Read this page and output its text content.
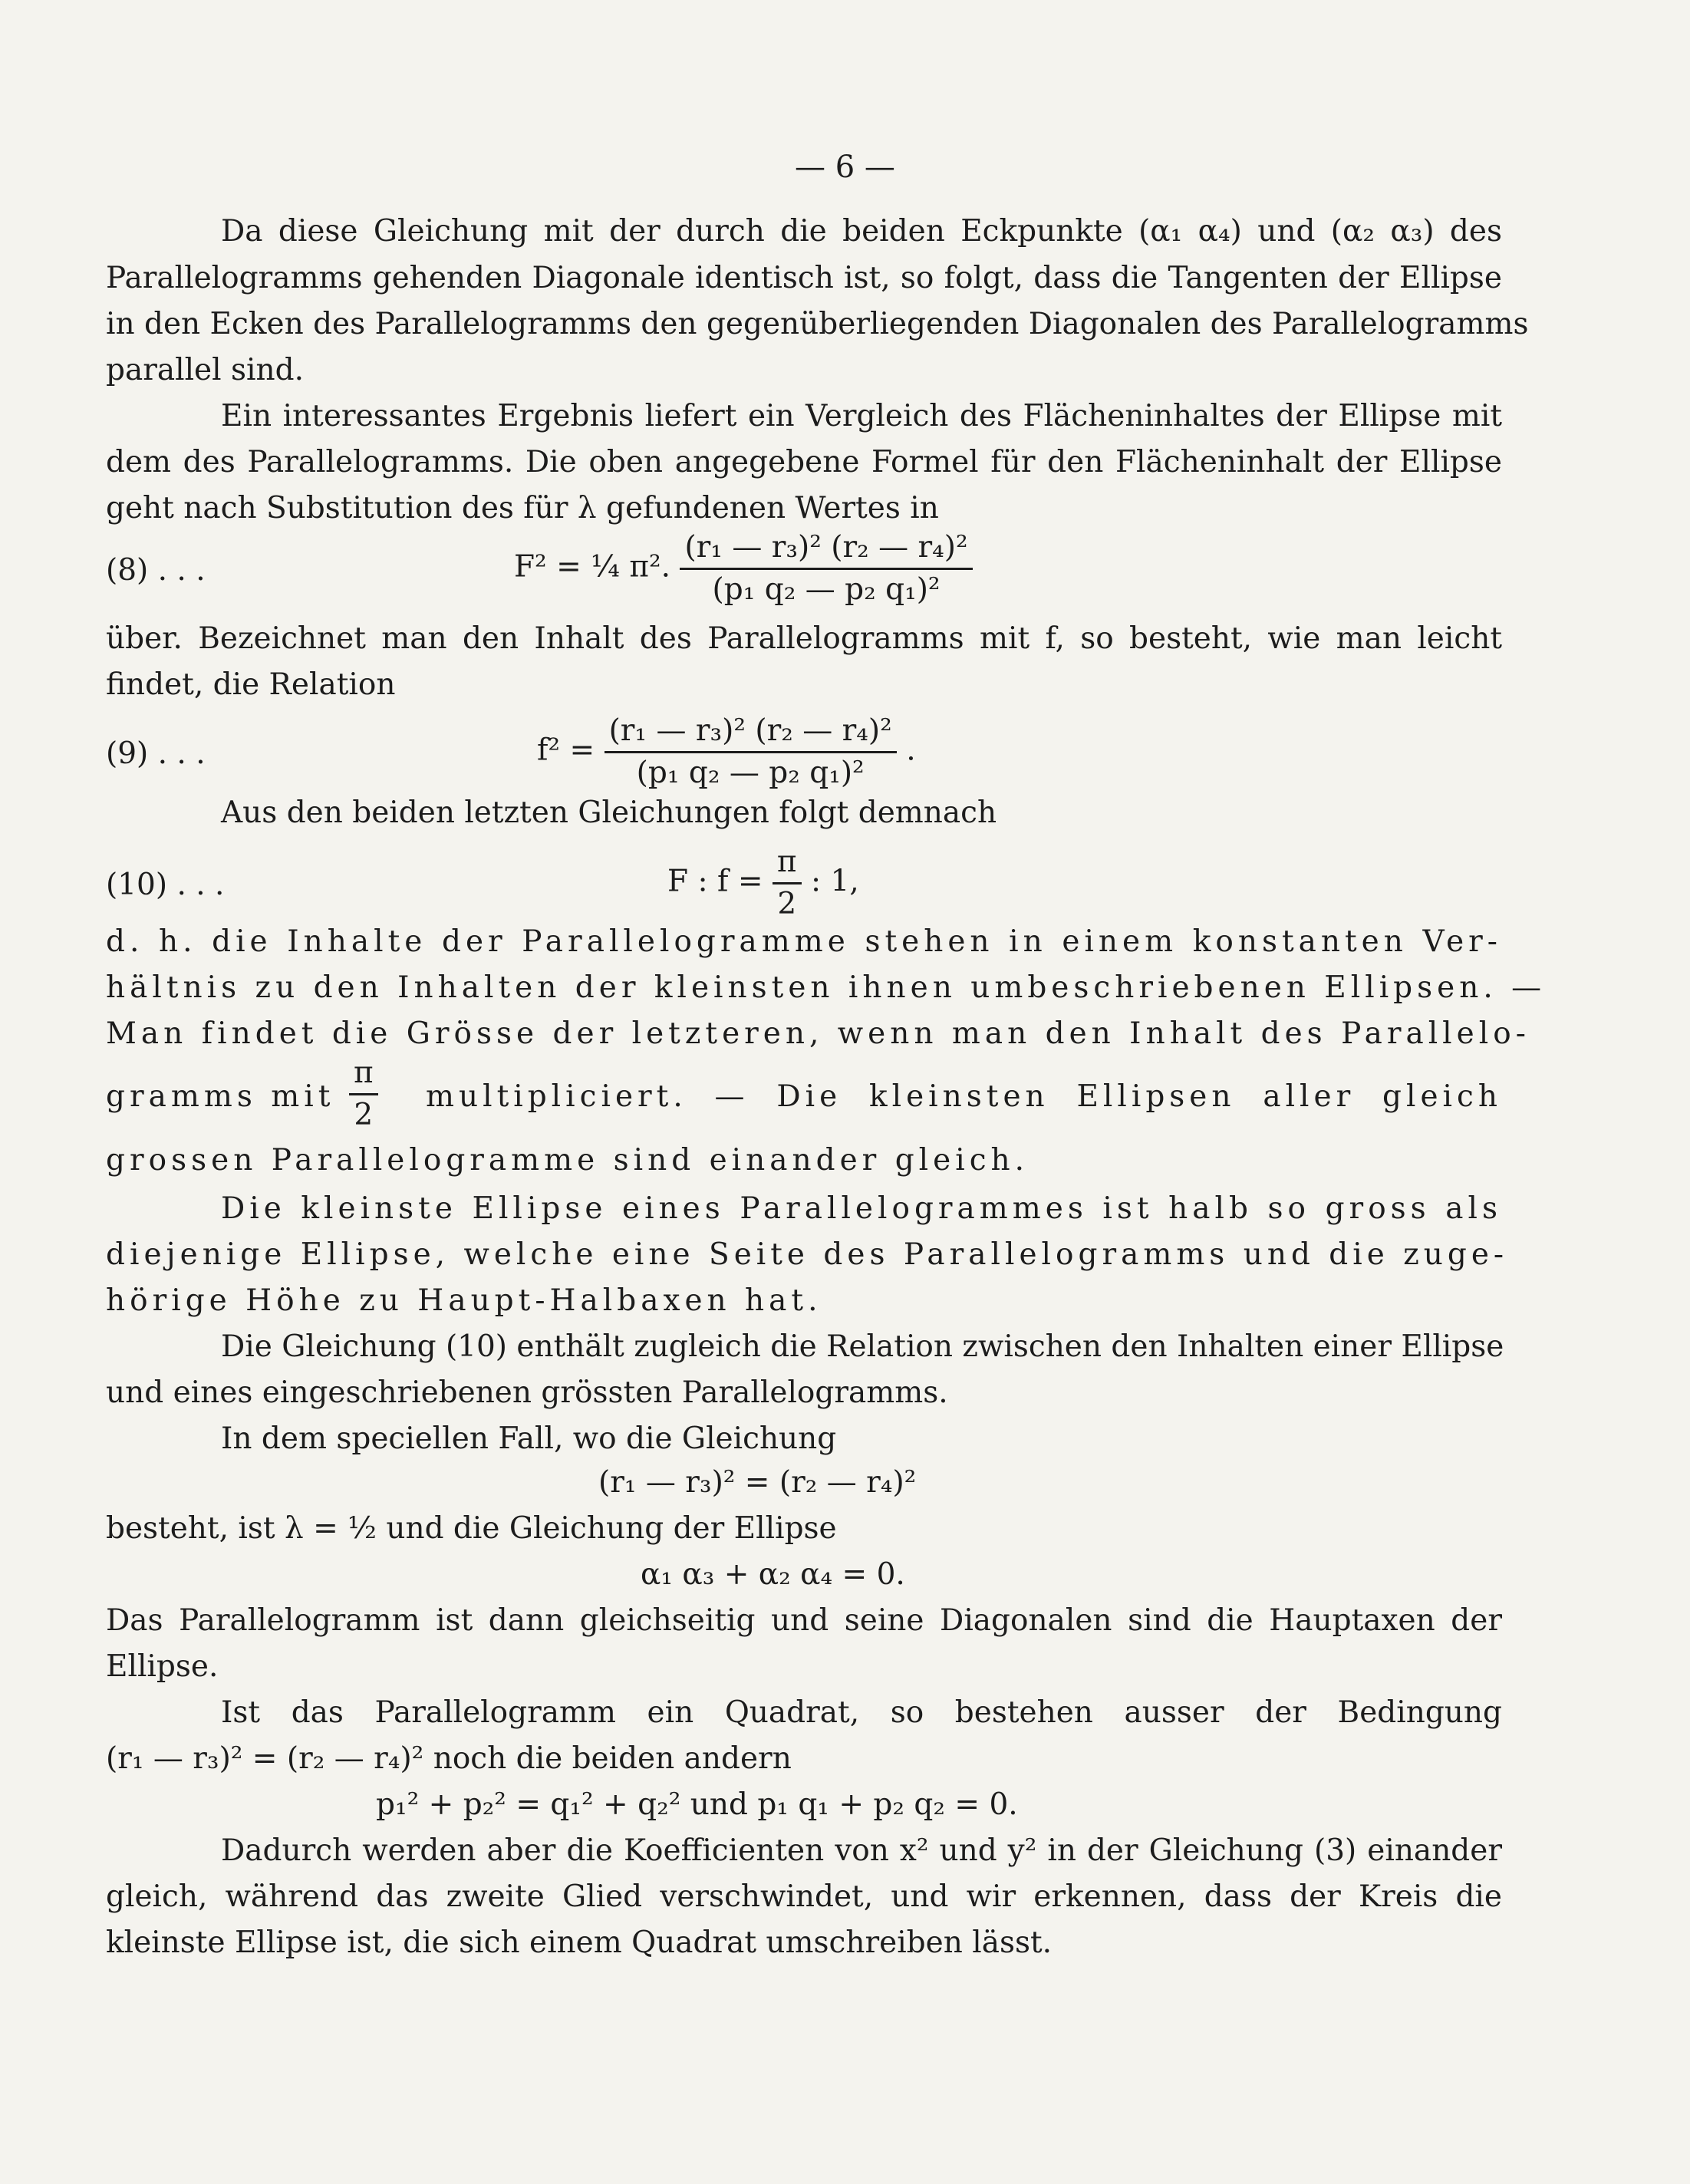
— 6 —
Da diese Gleichung mit der durch die beiden Eckpunkte (α₁ α₄) und (α₂ α₃) des
Parallelogramms gehenden Diagonale identisch ist, so folgt, dass die Tangenten der Ellipse
in den Ecken des Parallelogramms den gegenüberliegenden Diagonalen des Parallelogramms
parallel sind.
Ein interessantes Ergebnis liefert ein Vergleich des Flächeninhaltes der Ellipse mit
dem des Parallelogramms. Die oben angegebene Formel für den Flächeninhalt der Ellipse
geht nach Substitution des für λ gefundenen Wertes in
(8) . . .	F² = ¼ π². $\frac{\text{(r₁ — r₃)² (r₂ — r₄)²}}{\text{(p₁ q₂ — p₂ q₁)²}}$
über. Bezeichnet man den Inhalt des Parallelogramms mit f, so besteht, wie man leicht
findet, die Relation
(9) . . .	$f^2 = \frac{\text{(r₁ — r₃)² (r₂ — r₄)²}}{\text{(p₁ q₂ — p₂ q₁)²}}$ .
Aus den beiden letzten Gleichungen folgt demnach
(10) . . .	F : $f = \frac{\pi}{2}$ : 1,
d. h. die Inhalte der Parallelogramme stehen in einem konstanten Ver-
hältnis zu den Inhalten der kleinsten ihnen umbeschriebenen Ellipsen. —
Man findet die Grösse der letzteren, wenn man den Inhalt des Parallelo-
gramms mit $\frac{\pi}{2}$ multipliciert. — Die kleinsten Ellipsen aller gleich
grossen Parallelogramme sind einander gleich.
Die kleinste Ellipse eines Parallelogrammes ist halb so gross als
diejenige Ellipse, welche eine Seite des Parallelogramms und die zuge-
hörige Höhe zu Haupt-Halbaxen hat.
Die Gleichung (10) enthält zugleich die Relation zwischen den Inhalten einer Ellipse
und eines eingeschriebenen grössten Parallelogramms.
In dem speciellen Fall, wo die Gleichung
(r₁ — r₃)² = (r₂ — r₄)²
besteht, ist λ = ½ und die Gleichung der Ellipse
α₁ α₃ + α₂ α₄ = 0.
Das Parallelogramm ist dann gleichseitig und seine Diagonalen sind die Hauptaxen der
Ellipse.
Ist das Parallelogramm ein Quadrat, so bestehen ausser der Bedingung
(r₁ — r₃)² = (r₂ — r₄)² noch die beiden andern
p₁² + p₂² = q₁² + q₂² und p₁ q₁ + p₂ q₂ = 0.
Dadurch werden aber die Koefficienten von x² und y² in der Gleichung (3) einander
gleich, während das zweite Glied verschwindet, und wir erkennen, dass der Kreis die
kleinste Ellipse ist, die sich einem Quadrat umschreiben lässt.
